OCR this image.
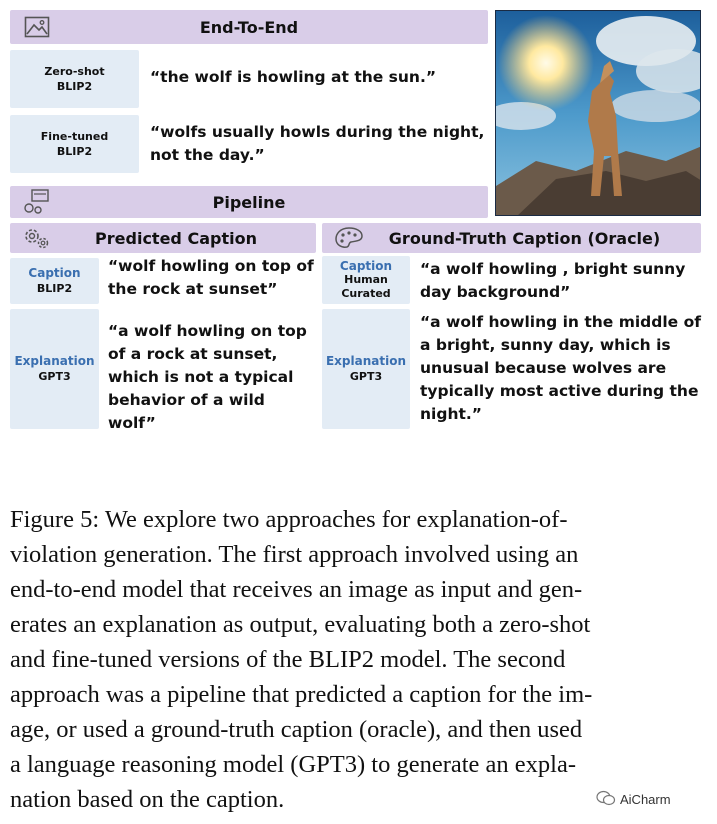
End-To-End
Zero-shot
BLIP2
“the wolf is howling at the sun.”
Fine-tuned
BLIP2
“wolfs usually howls during the night,
not the day.”
Pipeline
Predicted Caption	Ground-Truth Caption (Oracle)
Caption
BLIP2
“wolf howling on top of
the rock at sunset”
Explanation
GPT3
“a wolf howling on top
of a rock at sunset,
which is not a typical
behavior of a wild wolf”
Caption
Human
Curated
“a wolf howling , bright sunny
day background”
Explanation
GPT3
“a wolf howling in the middle of
a bright, sunny day, which is
unusual because wolves are
typically most active during the
night.”
Figure 5: We explore two approaches for explanation-of-
violation generation. The first approach involved using an
end-to-end model that receives an image as input and gen-
erates an explanation as output, evaluating both a zero-shot
and fine-tuned versions of the BLIP2 model. The second
approach was a pipeline that predicted a caption for the im-
age, or used a ground-truth caption (oracle), and then used
a language reasoning model (GPT3) to generate an expla-
nation based on the caption.	AiCharm
